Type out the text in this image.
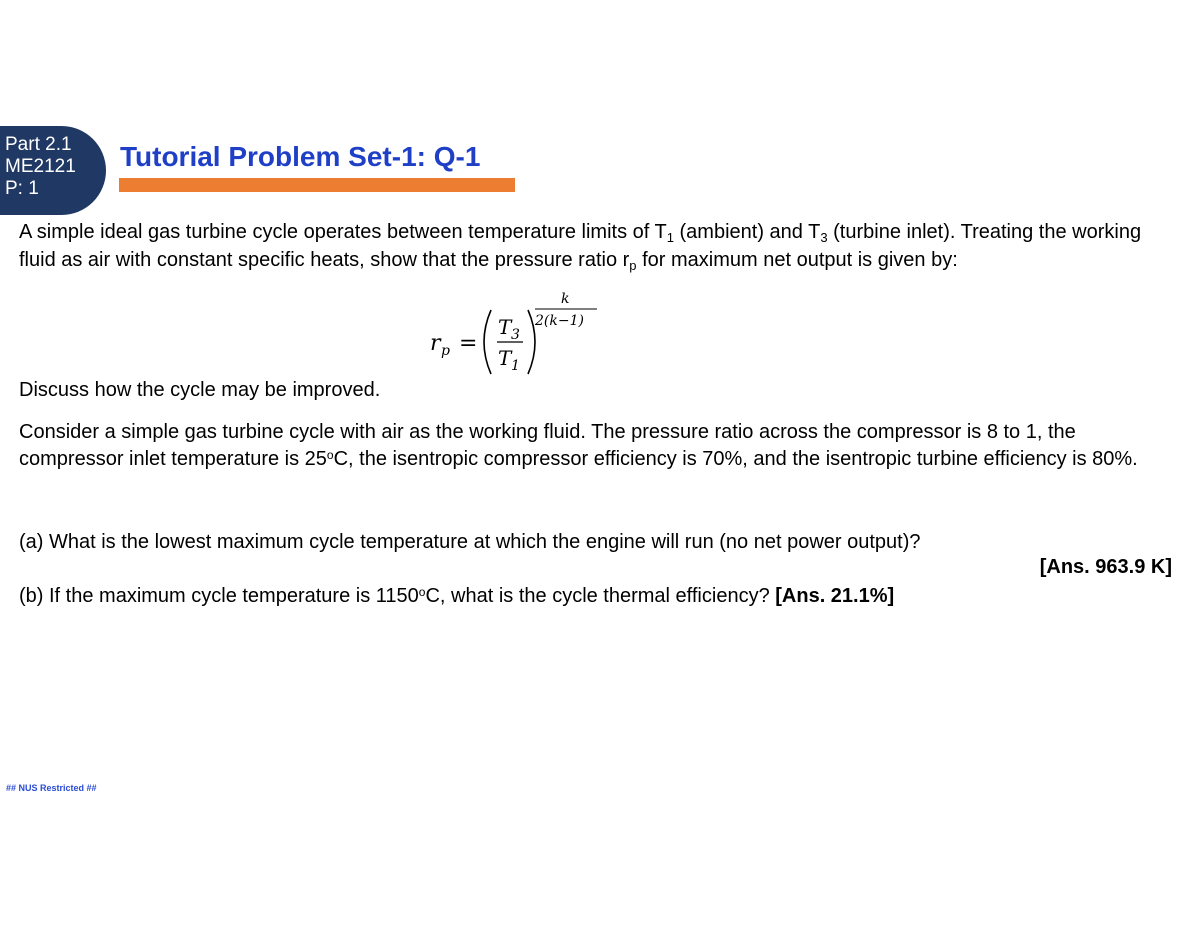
Part 2.1
ME2121
P: 1
Tutorial Problem Set-1: Q-1

A simple ideal gas turbine cycle operates between temperature limits of $T_1$ (ambient) and $T_3$ (turbine inlet). Treating the working fluid as air with constant specific heats, show that the pressure ratio $r_p$ for maximum net output is given by:

r p =
T 3
T 1
k
2(k−1)

Discuss how the cycle may be improved.

Consider a simple gas turbine cycle with air as the working fluid. The pressure ratio across the compressor is 8 to 1, the compressor inlet temperature is 25$^o$C, the isentropic compressor efficiency is 70%, and the isentropic turbine efficiency is 80%.

(a) What is the lowest maximum cycle temperature at which the engine will run (no net power output)?

[Ans. 963.9 K]

(b) If the maximum cycle temperature is 1150$^o$C, what is the cycle thermal efficiency? [Ans. 21.1%]

## NUS Restricted ##
